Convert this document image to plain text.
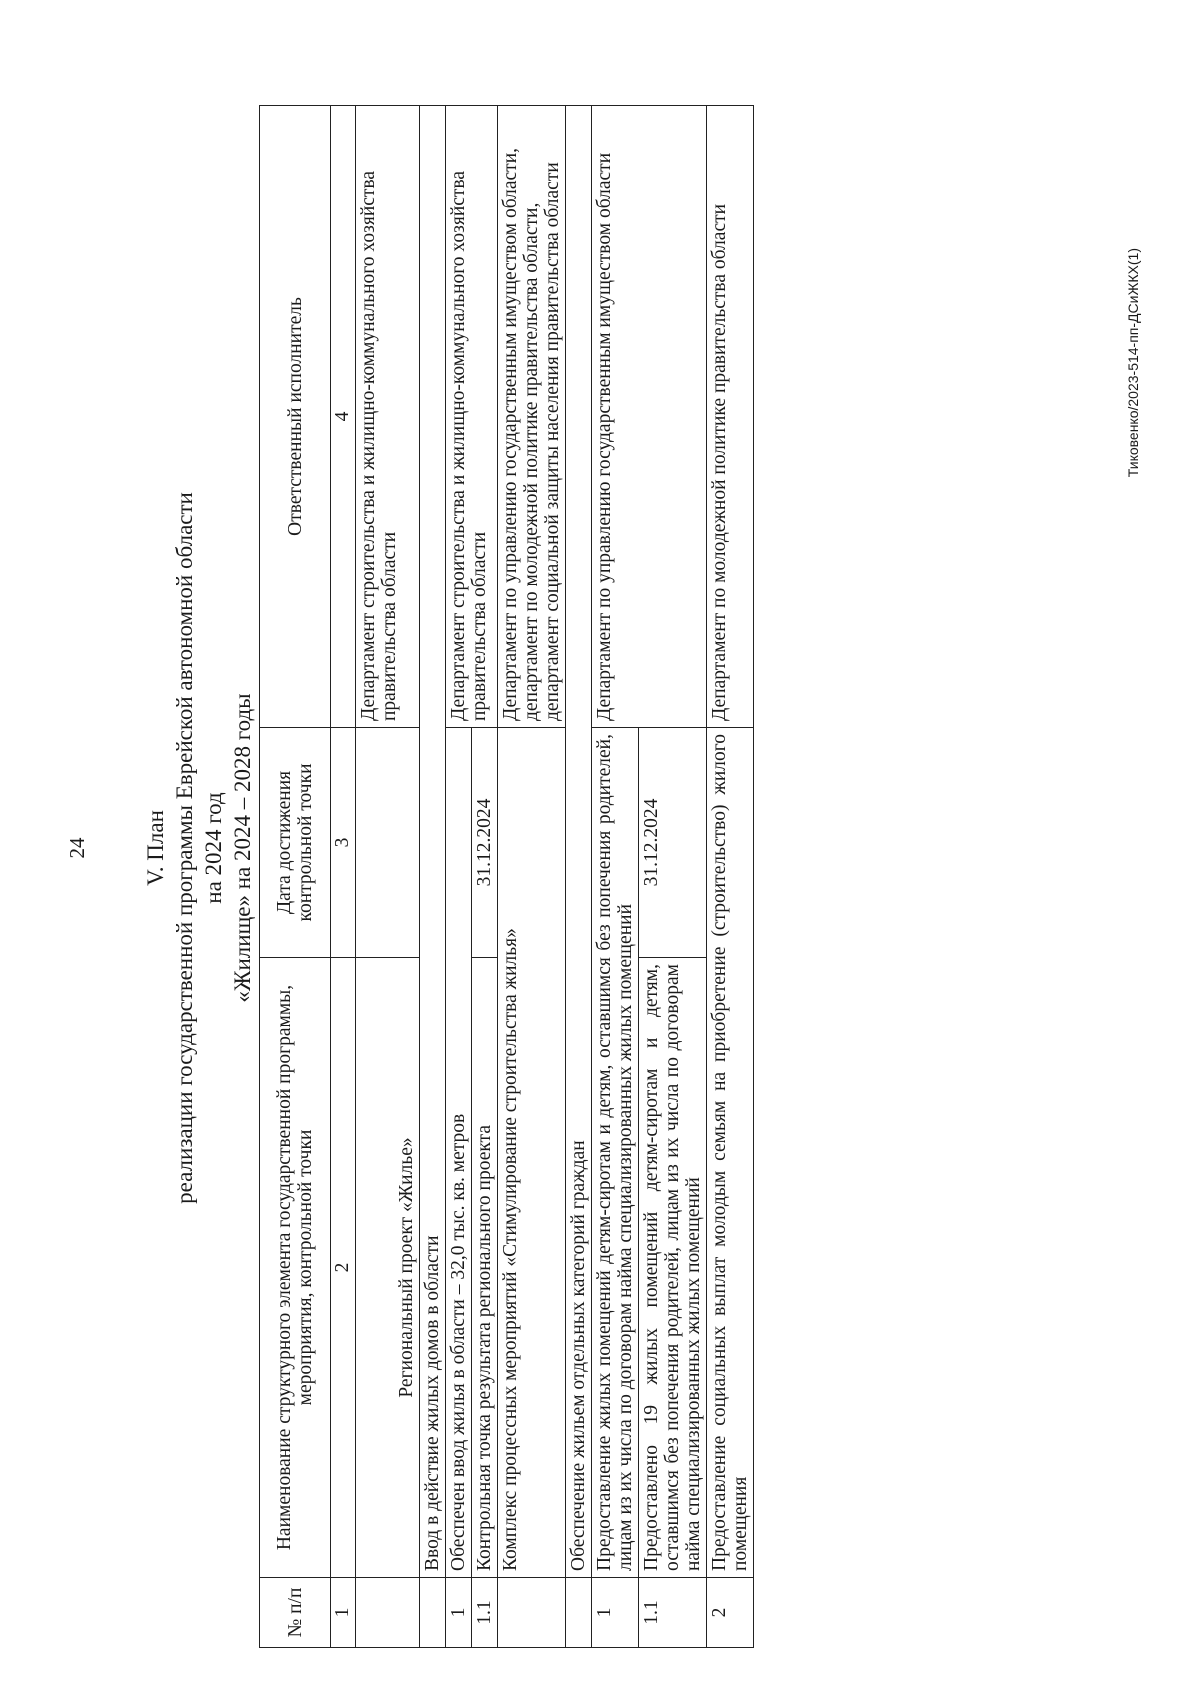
24 V. План реализации государственной программы Еврейской автономной области на 2024 год «Жилище» на 2024 – 2028 годы
№ п/п	Наименование структурного элемента государственной программы, мероприятия, контрольной точки	Дата достижения контрольной точки	Ответственный исполнитель
1	2	3	4
	Региональный проект «Жилье»		Департамент строительства и жилищно-коммунального хозяйства правительства области
	Ввод в действие жилых домов в области		
1	Обеспечен ввод жилья в области – 32,0 тыс. кв. метров		Департамент строительства и жилищно-коммунального хозяйства правительства области
1.1	Контрольная точка результата регионального проекта	31.12.2024	
	Комплекс процессных мероприятий «Стимулирование строительства жилья»		Департамент по управлению государственным имуществом области, департамент по молодежной политике правительства области, департамент социальной защиты населения правительства области
	Обеспечение жильем отдельных категорий граждан		
1	Предоставление жилых помещений детям-сиротам и детям, оставшимся без попечения родителей, лицам из их числа по договорам найма специализированных жилых помещений		Департамент по управлению государственным имуществом области
1.1	Предоставлено 19 жилых помещений детям-сиротам и детям, оставшимся без попечения родителей, лицам из их числа по договорам найма специализированных жилых помещений	31.12.2024	
2	Предоставление социальных выплат молодым семьям на приобретение (строительство) жилого помещения		Департамент по молодежной политике правительства области	Тиковенко/2023-514-пп-ДСиЖКХ(1)
